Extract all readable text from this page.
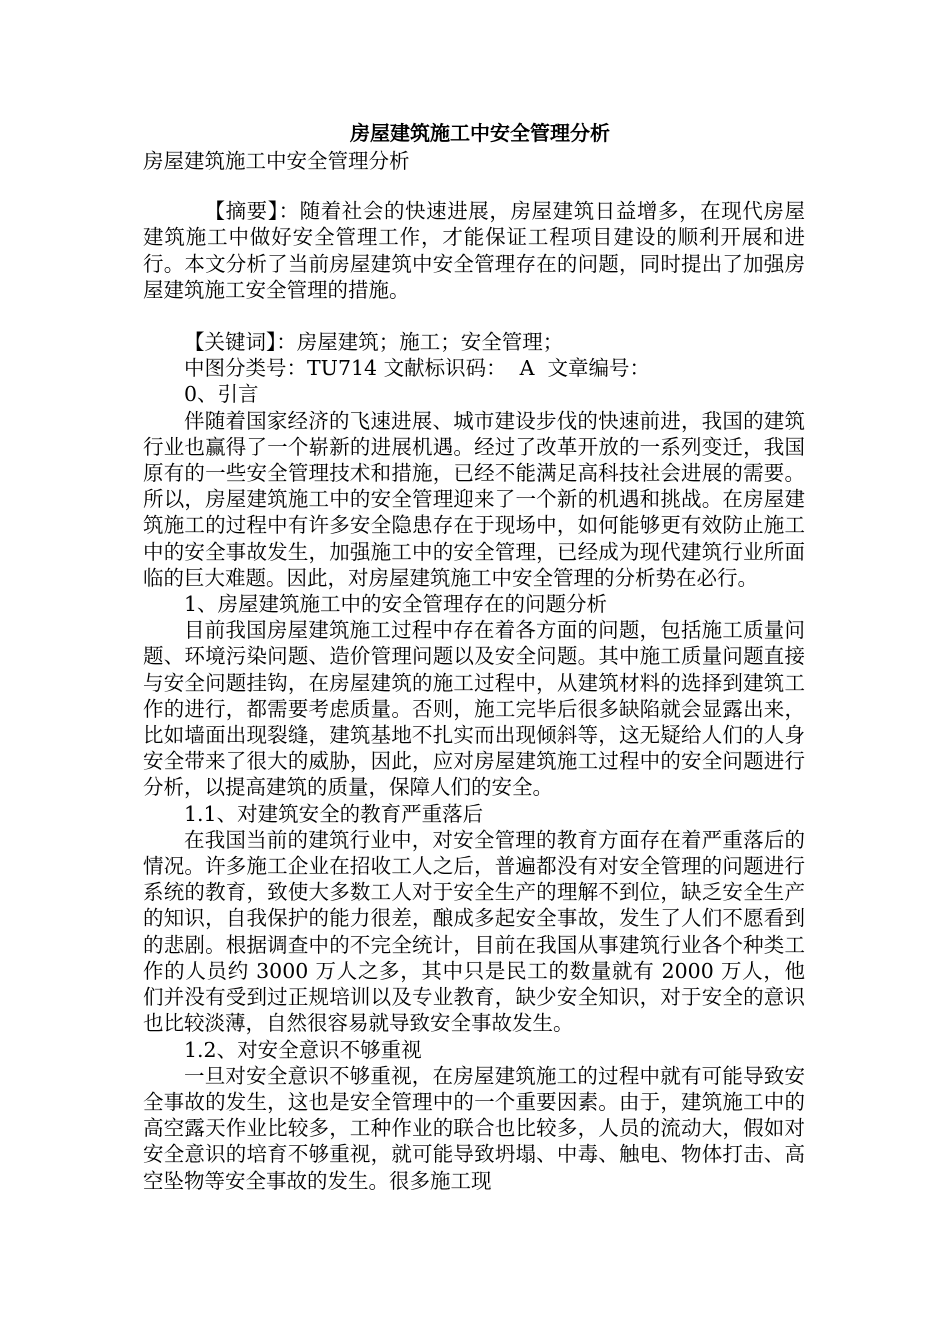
房屋建筑施工中安全管理分析

房屋建筑施工中安全管理分析

【摘要】：随着社会的快速进展，房屋建筑日益增多，在现代房屋建筑施工中做好安全管理工作，才能保证工程项目建设的顺利开展和进行。本文分析了当前房屋建筑中安全管理存在的问题，同时提出了加强房屋建筑施工安全管理的措施。

【关键词】：房屋建筑；施工；安全管理；

中图分类号：TU714 文献标识码：  A  文章编号：

0、引言

伴随着国家经济的飞速进展、城市建设步伐的快速前进，我国的建筑行业也赢得了一个崭新的进展机遇。经过了改革开放的一系列变迁，我国原有的一些安全管理技术和措施，已经不能满足高科技社会进展的需要。所以，房屋建筑施工中的安全管理迎来了一个新的机遇和挑战。在房屋建筑施工的过程中有许多安全隐患存在于现场中，如何能够更有效防止施工中的安全事故发生，加强施工中的安全管理，已经成为现代建筑行业所面临的巨大难题。因此，对房屋建筑施工中安全管理的分析势在必行。

1、房屋建筑施工中的安全管理存在的问题分析

目前我国房屋建筑施工过程中存在着各方面的问题，包括施工质量问题、环境污染问题、造价管理问题以及安全问题。其中施工质量问题直接与安全问题挂钩，在房屋建筑的施工过程中，从建筑材料的选择到建筑工作的进行，都需要考虑质量。否则，施工完毕后很多缺陷就会显露出来，比如墙面出现裂缝，建筑基地不扎实而出现倾斜等，这无疑给人们的人身安全带来了很大的威胁，因此，应对房屋建筑施工过程中的安全问题进行分析，以提高建筑的质量，保障人们的安全。

1.1、对建筑安全的教育严重落后

在我国当前的建筑行业中，对安全管理的教育方面存在着严重落后的情况。许多施工企业在招收工人之后，普遍都没有对安全管理的问题进行系统的教育，致使大多数工人对于安全生产的理解不到位，缺乏安全生产的知识，自我保护的能力很差，酿成多起安全事故，发生了人们不愿看到的悲剧。根据调查中的不完全统计，目前在我国从事建筑行业各个种类工作的人员约 3000 万人之多，其中只是民工的数量就有 2000 万人，他们并没有受到过正规培训以及专业教育，缺少安全知识，对于安全的意识也比较淡薄，自然很容易就导致安全事故发生。

1.2、对安全意识不够重视

一旦对安全意识不够重视，在房屋建筑施工的过程中就有可能导致安全事故的发生，这也是安全管理中的一个重要因素。由于，建筑施工中的高空露天作业比较多，工种作业的联合也比较多，人员的流动大，假如对安全意识的培育不够重视，就可能导致坍塌、中毒、触电、物体打击、高空坠物等安全事故的发生。很多施工现
